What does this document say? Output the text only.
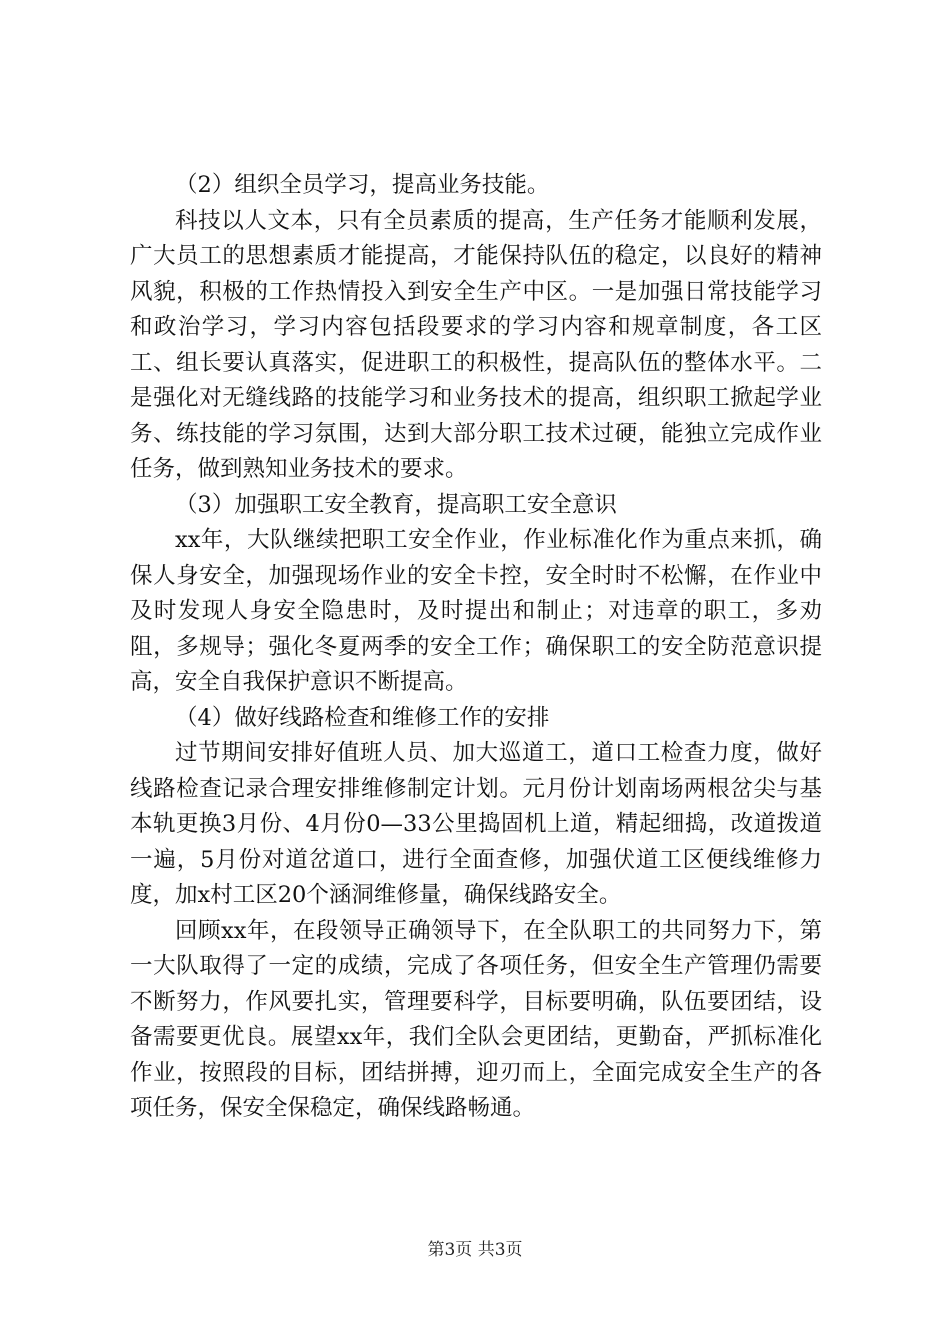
（2）组织全员学习，提高业务技能。

科技以人文本，只有全员素质的提高，生产任务才能顺利发展，广大员工的思想素质才能提高，才能保持队伍的稳定，以良好的精神风貌，积极的工作热情投入到安全生产中区。一是加强日常技能学习和政治学习，学习内容包括段要求的学习内容和规章制度，各工区工、组长要认真落实，促进职工的积极性，提高队伍的整体水平。二是强化对无缝线路的技能学习和业务技术的提高，组织职工掀起学业务、练技能的学习氛围，达到大部分职工技术过硬，能独立完成作业任务，做到熟知业务技术的要求。

（3）加强职工安全教育，提高职工安全意识

xx年，大队继续把职工安全作业，作业标准化作为重点来抓，确保人身安全，加强现场作业的安全卡控，安全时时不松懈，在作业中及时发现人身安全隐患时，及时提出和制止；对违章的职工，多劝阻，多规导；强化冬夏两季的安全工作；确保职工的安全防范意识提高，安全自我保护意识不断提高。

（4）做好线路检查和维修工作的安排

过节期间安排好值班人员、加大巡道工，道口工检查力度，做好线路检查记录合理安排维修制定计划。元月份计划南场两根岔尖与基本轨更换3月份、4月份0—33公里捣固机上道，精起细捣，改道拨道一遍，5月份对道岔道口，进行全面查修，加强伏道工区便线维修力度，加x村工区20个涵洞维修量，确保线路安全。

回顾xx年，在段领导正确领导下，在全队职工的共同努力下，第一大队取得了一定的成绩，完成了各项任务，但安全生产管理仍需要不断努力，作风要扎实，管理要科学，目标要明确，队伍要团结，设备需要更优良。展望xx年，我们全队会更团结，更勤奋，严抓标准化作业，按照段的目标，团结拼搏，迎刃而上，全面完成安全生产的各项任务，保安全保稳定，确保线路畅通。

第3页 共3页
